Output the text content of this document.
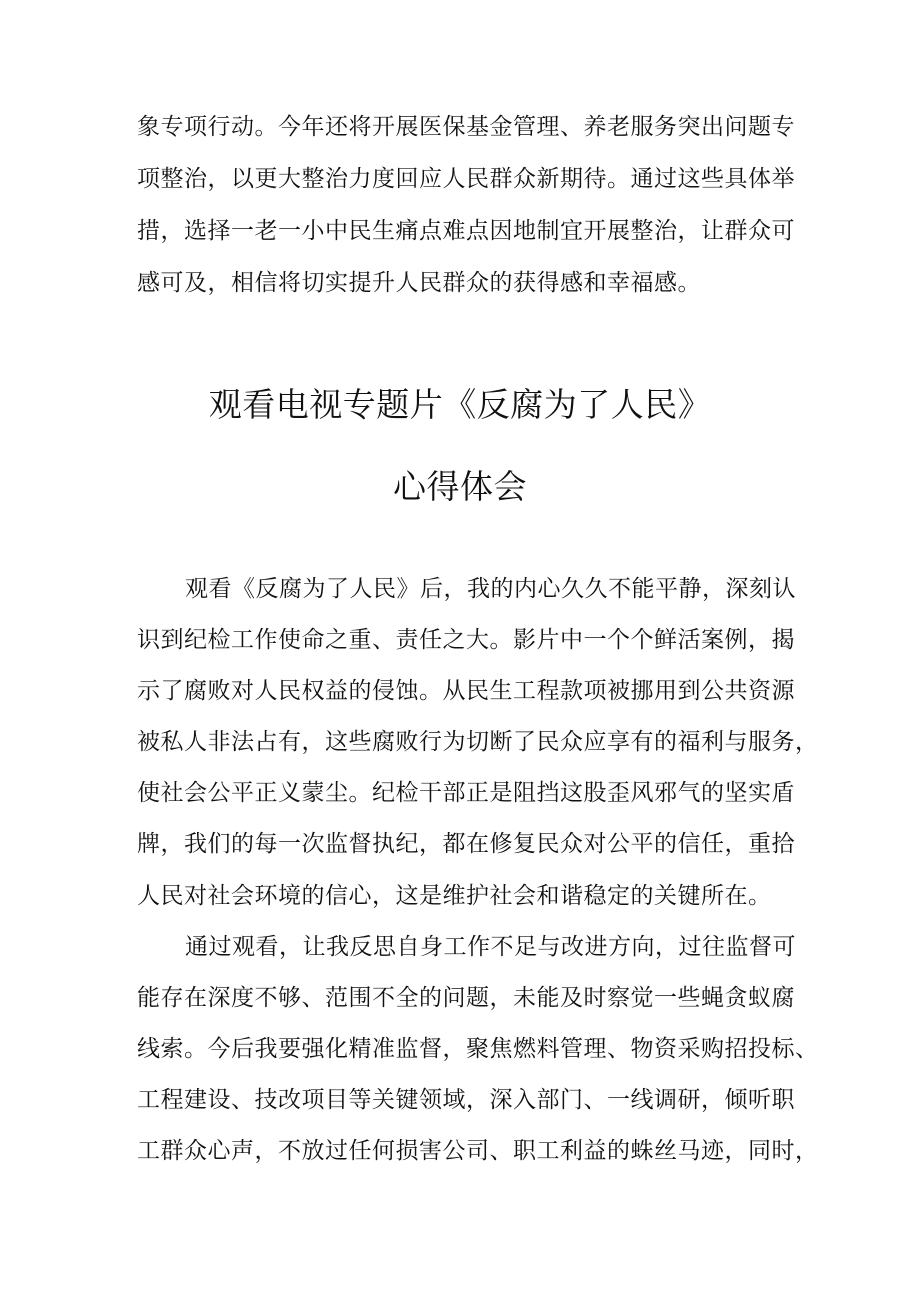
象专项行动。今年还将开展医保基金管理、养老服务突出问题专
项整治，以更大整治力度回应人民群众新期待。通过这些具体举
措，选择一老一小中民生痛点难点因地制宜开展整治，让群众可
感可及，相信将切实提升人民群众的获得感和幸福感。
观看电视专题片《反腐为了人民》
心得体会
观看《反腐为了人民》后，我的内心久久不能平静，深刻认
识到纪检工作使命之重、责任之大。影片中一个个鲜活案例，揭
示了腐败对人民权益的侵蚀。从民生工程款项被挪用到公共资源
被私人非法占有，这些腐败行为切断了民众应享有的福利与服务，
使社会公平正义蒙尘。纪检干部正是阻挡这股歪风邪气的坚实盾
牌，我们的每一次监督执纪，都在修复民众对公平的信任，重拾
人民对社会环境的信心，这是维护社会和谐稳定的关键所在。
通过观看，让我反思自身工作不足与改进方向，过往监督可
能存在深度不够、范围不全的问题，未能及时察觉一些蝇贪蚁腐
线索。今后我要强化精准监督，聚焦燃料管理、物资采购招投标、
工程建设、技改项目等关键领域，深入部门、一线调研，倾听职
工群众心声，不放过任何损害公司、职工利益的蛛丝马迹，同时，
